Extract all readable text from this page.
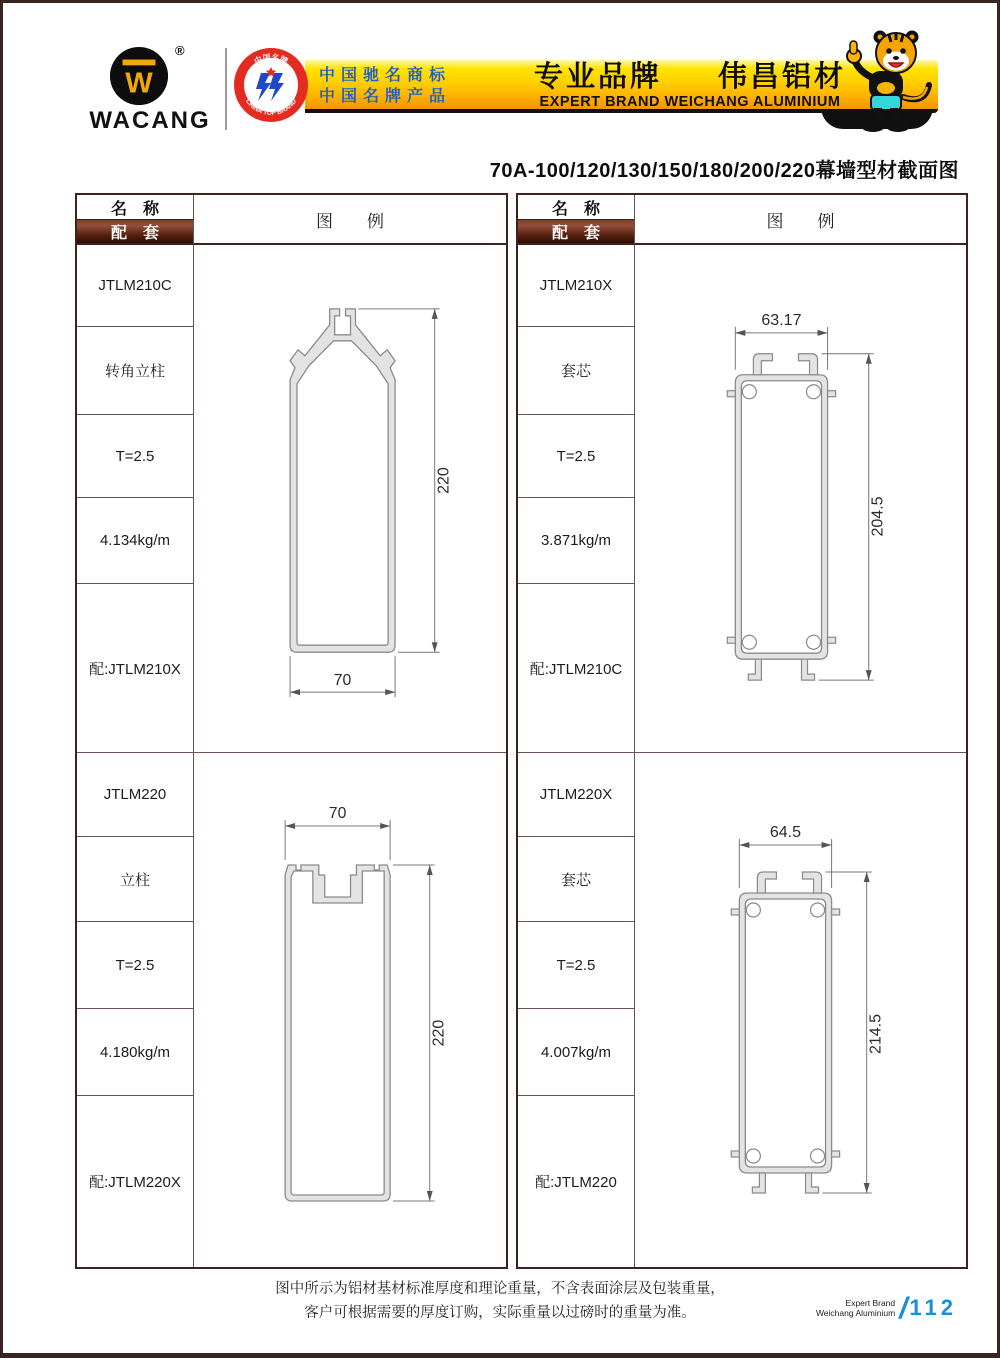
W
®
WACANG
中国驰名商标
中国名牌产品
专业品牌 伟昌铝材
EXPERT BRAND WEICHANG ALUMINIUM
中国名牌
CHINA TOP BRAND
70A-100/120/130/150/180/200/220幕墙型材截面图
名　称
配　套
图　　例
JTLM210C
转角立柱
T=2.5
4.134kg/m
配:JTLM210X
220
70
JTLM220
立柱
T=2.5
4.180kg/m
配:JTLM220X
70
220
名　称
配　套
图　　例
JTLM210X
套芯
T=2.5
3.871kg/m
配:JTLM210C
63.17
204.5
JTLM220X
套芯
T=2.5
4.007kg/m
配:JTLM220
64.5
214.5
图中所示为铝材基材标准厚度和理论重量，不含表面涂层及包装重量，
客户可根据需要的厚度订购，实际重量以过磅时的重量为准。
Expert Brand
Weichang Aluminium / 112
